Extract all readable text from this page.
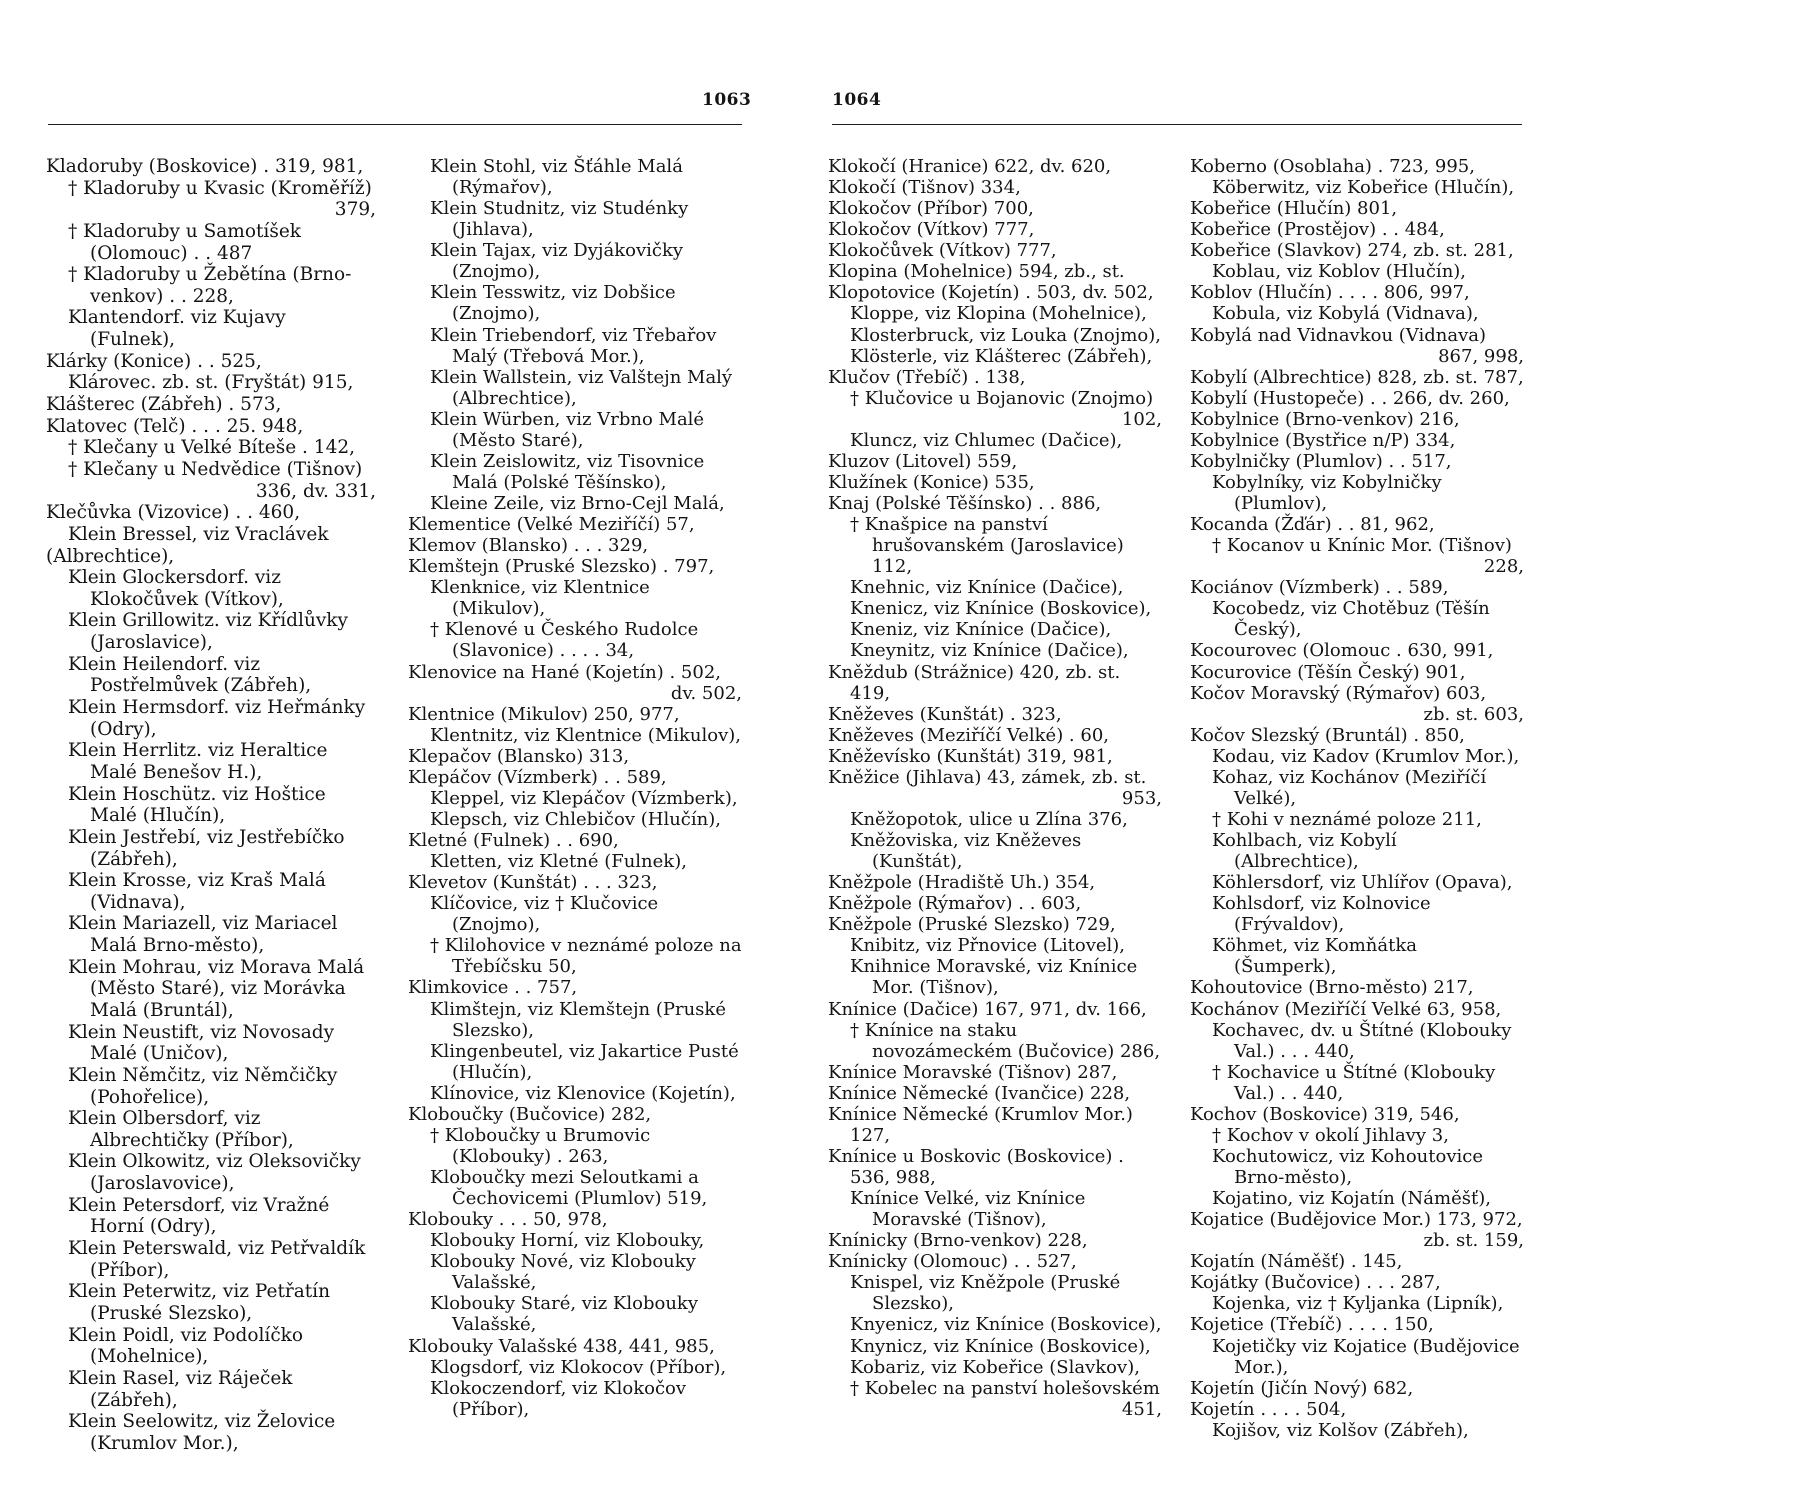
1063	1064
Kladoruby (Boskovice) . 319, 981,
† Kladoruby u Kvasic (Kroměříž)
379,
† Kladoruby u Samotíšek (Olomouc) . . 487
† Kladoruby u Žebětína (Brno-venkov) . . 228,
Klantendorf. viz Kujavy (Fulnek),
Klárky (Konice) . . 525,
Klárovec. zb. st. (Fryštát) 915,
Klášterec (Zábřeh) . 573,
Klatovec (Telč) . . . 25. 948,
† Klečany u Velké Bíteše . 142,
† Klečany u Nedvědice (Tišnov)
336, dv. 331,
Klečůvka (Vizovice) . . 460,
Klein Bressel, viz Vraclávek
(Albrechtice),
Klein Glockersdorf. viz Klokočůvek (Vítkov),
Klein Grillowitz. viz Křídlůvky (Jaroslavice),
Klein Heilendorf. viz Postřelmůvek (Zábřeh),
Klein Hermsdorf. viz Heřmánky (Odry),
Klein Herrlitz. viz Heraltice Malé Benešov H.),
Klein Hoschütz. viz Hoštice Malé (Hlučín),
Klein Jestřebí, viz Jestřebíčko (Zábřeh),
Klein Krosse, viz Kraš Malá (Vidnava),
Klein Mariazell, viz Mariacel Malá Brno-město),
Klein Mohrau, viz Morava Malá (Město Staré), viz Morávka Malá (Bruntál),
Klein Neustift, viz Novosady Malé (Uničov),
Klein Němčitz, viz Němčičky (Pohořelice),
Klein Olbersdorf, viz Albrechtičky (Příbor),
Klein Olkowitz, viz Oleksovičky (Jaroslavovice),
Klein Petersdorf, viz Vražné Horní (Odry),
Klein Peterswald, viz Petřvaldík (Příbor),
Klein Peterwitz, viz Petřatín (Pruské Slezsko),
Klein Poidl, viz Podolíčko (Mohelnice),
Klein Rasel, viz Ráječek (Zábřeh),
Klein Seelowitz, viz Želovice (Krumlov Mor.),
Klein Stohl, viz Šťáhle Malá (Rýmařov),
Klein Studnitz, viz Studénky (Jihlava),
Klein Tajax, viz Dyjákovičky (Znojmo),
Klein Tesswitz, viz Dobšice (Znojmo),
Klein Triebendorf, viz Třebařov Malý (Třebová Mor.),
Klein Wallstein, viz Valštejn Malý (Albrechtice),
Klein Würben, viz Vrbno Malé (Město Staré),
Klein Zeislowitz, viz Tisovnice Malá (Polské Těšínsko),
Kleine Zeile, viz Brno-Cejl Malá,
Klementice (Velké Meziříčí) 57,
Klemov (Blansko) . . . 329,
Klemštejn (Pruské Slezsko) . 797,
Klenknice, viz Klentnice (Mikulov),
† Klenové u Českého Rudolce (Slavonice) . . . . 34,
Klenovice na Hané (Kojetín) . 502,
dv. 502,
Klentnice (Mikulov) 250, 977,
Klentnitz, viz Klentnice (Mikulov),
Klepačov (Blansko) 313,
Klepáčov (Vízmberk) . . 589,
Kleppel, viz Klepáčov (Vízmberk),
Klepsch, viz Chlebičov (Hlučín),
Kletné (Fulnek) . . 690,
Kletten, viz Kletné (Fulnek),
Klevetov (Kunštát) . . . 323,
Klíčovice, viz † Klučovice (Znojmo),
† Klilohovice v neznámé poloze na Třebíčsku 50,
Klimkovice . . 757,
Klimštejn, viz Klemštejn (Pruské Slezsko),
Klingenbeutel, viz Jakartice Pusté (Hlučín),
Klínovice, viz Klenovice (Kojetín),
Kloboučky (Bučovice) 282,
† Kloboučky u Brumovic (Klobouky) . 263,
Kloboučky mezi Seloutkami a Čechovicemi (Plumlov) 519,
Klobouky . . . 50, 978,
Klobouky Horní, viz Klobouky,
Klobouky Nové, viz Klobouky Valašské,
Klobouky Staré, viz Klobouky Valašské,
Klobouky Valašské 438, 441, 985,
Klogsdorf, viz Klokocov (Příbor),
Klokoczendorf, viz Klokočov (Příbor),
Klokočí (Hranice) 622, dv. 620,
Klokočí (Tišnov) 334,
Klokočov (Příbor) 700,
Klokočov (Vítkov) 777,
Klokočůvek (Vítkov) 777,
Klopina (Mohelnice) 594, zb., st.
Klopotovice (Kojetín) . 503, dv. 502,
Kloppe, viz Klopina (Mohelnice),
Klosterbruck, viz Louka (Znojmo),
Klösterle, viz Klášterec (Zábřeh),
Klučov (Třebíč) . 138,
† Klučovice u Bojanovic (Znojmo)
102,
Kluncz, viz Chlumec (Dačice),
Kluzov (Litovel) 559,
Klužínek (Konice) 535,
Knaj (Polské Těšínsko) . . 886,
† Knašpice na panství hrušovanském (Jaroslavice) 112,
Knehnic, viz Knínice (Dačice),
Knenicz, viz Knínice (Boskovice),
Kneniz, viz Knínice (Dačice),
Kneynitz, viz Knínice (Dačice),
Kněždub (Strážnice) 420, zb. st. 419,
Kněževes (Kunštát) . 323,
Kněževes (Meziříčí Velké) . 60,
Kněževísko (Kunštát) 319, 981,
Kněžice (Jihlava) 43, zámek, zb. st.
953,
Kněžopotok, ulice u Zlína 376,
Kněžoviska, viz Kněževes (Kunštát),
Kněžpole (Hradiště Uh.) 354,
Kněžpole (Rýmařov) . . 603,
Kněžpole (Pruské Slezsko) 729,
Knibitz, viz Přnovice (Litovel),
Knihnice Moravské, viz Knínice Mor. (Tišnov),
Knínice (Dačice) 167, 971, dv. 166,
† Knínice na staku novozámeckém (Bučovice) 286,
Knínice Moravské (Tišnov) 287,
Knínice Německé (Ivančice) 228,
Knínice Německé (Krumlov Mor.) 127,
Knínice u Boskovic (Boskovice) . 536, 988,
Knínice Velké, viz Knínice Moravské (Tišnov),
Knínicky (Brno-venkov) 228,
Knínicky (Olomouc) . . 527,
Knispel, viz Kněžpole (Pruské Slezsko),
Knyenicz, viz Knínice (Boskovice),
Knynicz, viz Knínice (Boskovice),
Kobariz, viz Kobeřice (Slavkov),
† Kobelec na panství holešovském
451,
Koberno (Osoblaha) . 723, 995,
Köberwitz, viz Kobeřice (Hlučín),
Kobeřice (Hlučín) 801,
Kobeřice (Prostějov) . . 484,
Kobeřice (Slavkov) 274, zb. st. 281,
Koblau, viz Koblov (Hlučín),
Koblov (Hlučín) . . . . 806, 997,
Kobula, viz Kobylá (Vidnava),
Kobylá nad Vidnavkou (Vidnava)
867, 998,
Kobylí (Albrechtice) 828, zb. st. 787,
Kobylí (Hustopeče) . . 266, dv. 260,
Kobylnice (Brno-venkov) 216,
Kobylnice (Bystřice n/P) 334,
Kobylničky (Plumlov) . . 517,
Kobylníky, viz Kobylničky (Plumlov),
Kocanda (Žďár) . . 81, 962,
† Kocanov u Knínic Mor. (Tišnov)
228,
Kociánov (Vízmberk) . . 589,
Kocobedz, viz Chotěbuz (Těšín Český),
Kocourovec (Olomouc . 630, 991,
Kocurovice (Těšín Český) 901,
Kočov Moravský (Rýmařov) 603,
zb. st. 603,
Kočov Slezský (Bruntál) . 850,
Kodau, viz Kadov (Krumlov Mor.),
Kohaz, viz Kochánov (Meziříčí Velké),
† Kohi v neznámé poloze 211,
Kohlbach, viz Kobylí (Albrechtice),
Köhlersdorf, viz Uhlířov (Opava),
Kohlsdorf, viz Kolnovice (Frývaldov),
Köhmet, viz Komňátka (Šumperk),
Kohoutovice (Brno-město) 217,
Kochánov (Meziříčí Velké 63, 958,
Kochavec, dv. u Štítné (Klobouky Val.) . . . 440,
† Kochavice u Štítné (Klobouky Val.) . . 440,
Kochov (Boskovice) 319, 546,
† Kochov v okolí Jihlavy 3,
Kochutowicz, viz Kohoutovice Brno-město),
Kojatino, viz Kojatín (Náměšť),
Kojatice (Budějovice Mor.) 173, 972,
zb. st. 159,
Kojatín (Náměšť) . 145,
Kojátky (Bučovice) . . . 287,
Kojenka, viz † Kyljanka (Lipník),
Kojetice (Třebíč) . . . . 150,
Kojetičky viz Kojatice (Budějovice Mor.),
Kojetín (Jičín Nový) 682,
Kojetín . . . . 504,
Kojišov, viz Kolšov (Zábřeh),
